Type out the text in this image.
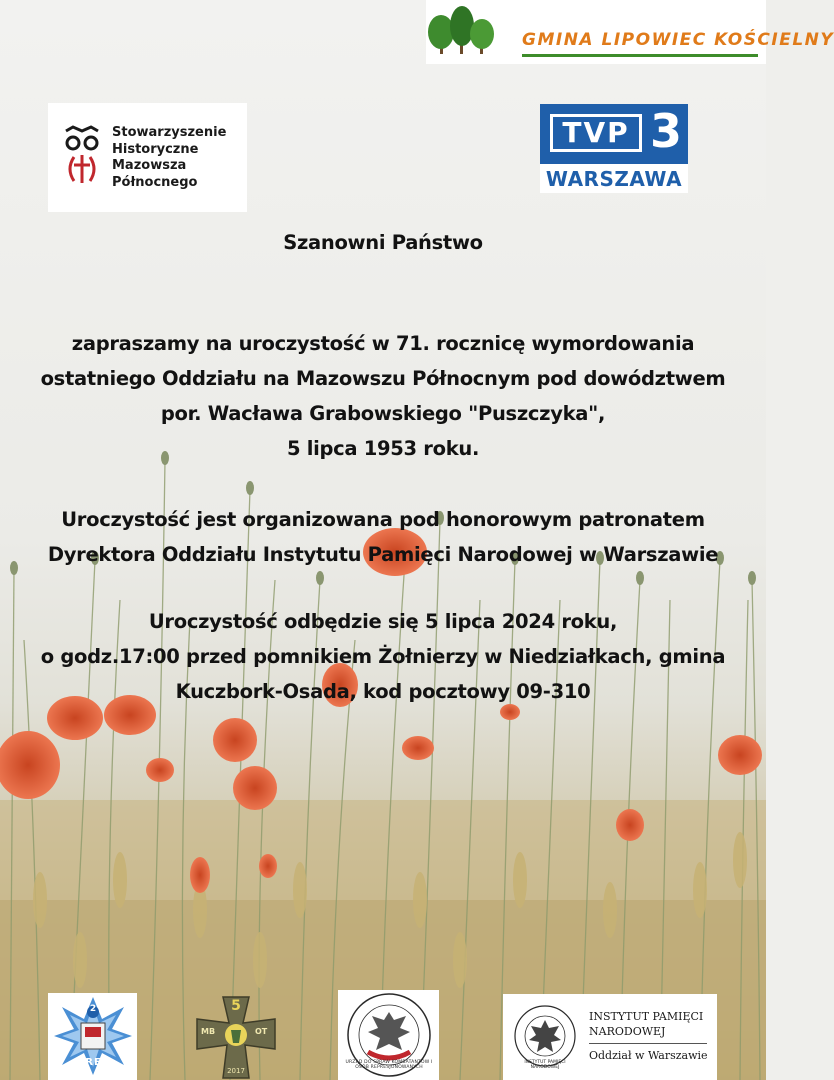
GMINA LIPOWIEC KOŚCIELNY
Stowarzyszenie
Historyczne
Mazowsza
Północnego
TVP 3
WARSZAWA
Szanowni Państwo
zapraszamy na uroczystość w 71. rocznicę wymordowania
ostatniego Oddziału na Mazowszu Północnym pod dowództwem
por. Wacława Grabowskiego "Puszczyka",
5 lipca 1953 roku.
Uroczystość jest organizowana pod honorowym patronatem
Dyrektora Oddziału Instytutu Pamięci Narodowej w Warszawie
Uroczystość odbędzie się 5 lipca 2024 roku,
o godz.17:00 przed pomnikiem Żołnierzy w Niedziałkach, gmina
Kuczbork-Osada, kod pocztowy 09-310
2
OREL
5
MB	OT
2017
URZĄD DO SPRAW KOMBATANTÓW I OSÓB REPRESJONOWANYCH
INSTYTUT PAMIĘCI NARODOWEJ
INSTYTUT PAMIĘCI
NARODOWEJ
Oddział w Warszawie
